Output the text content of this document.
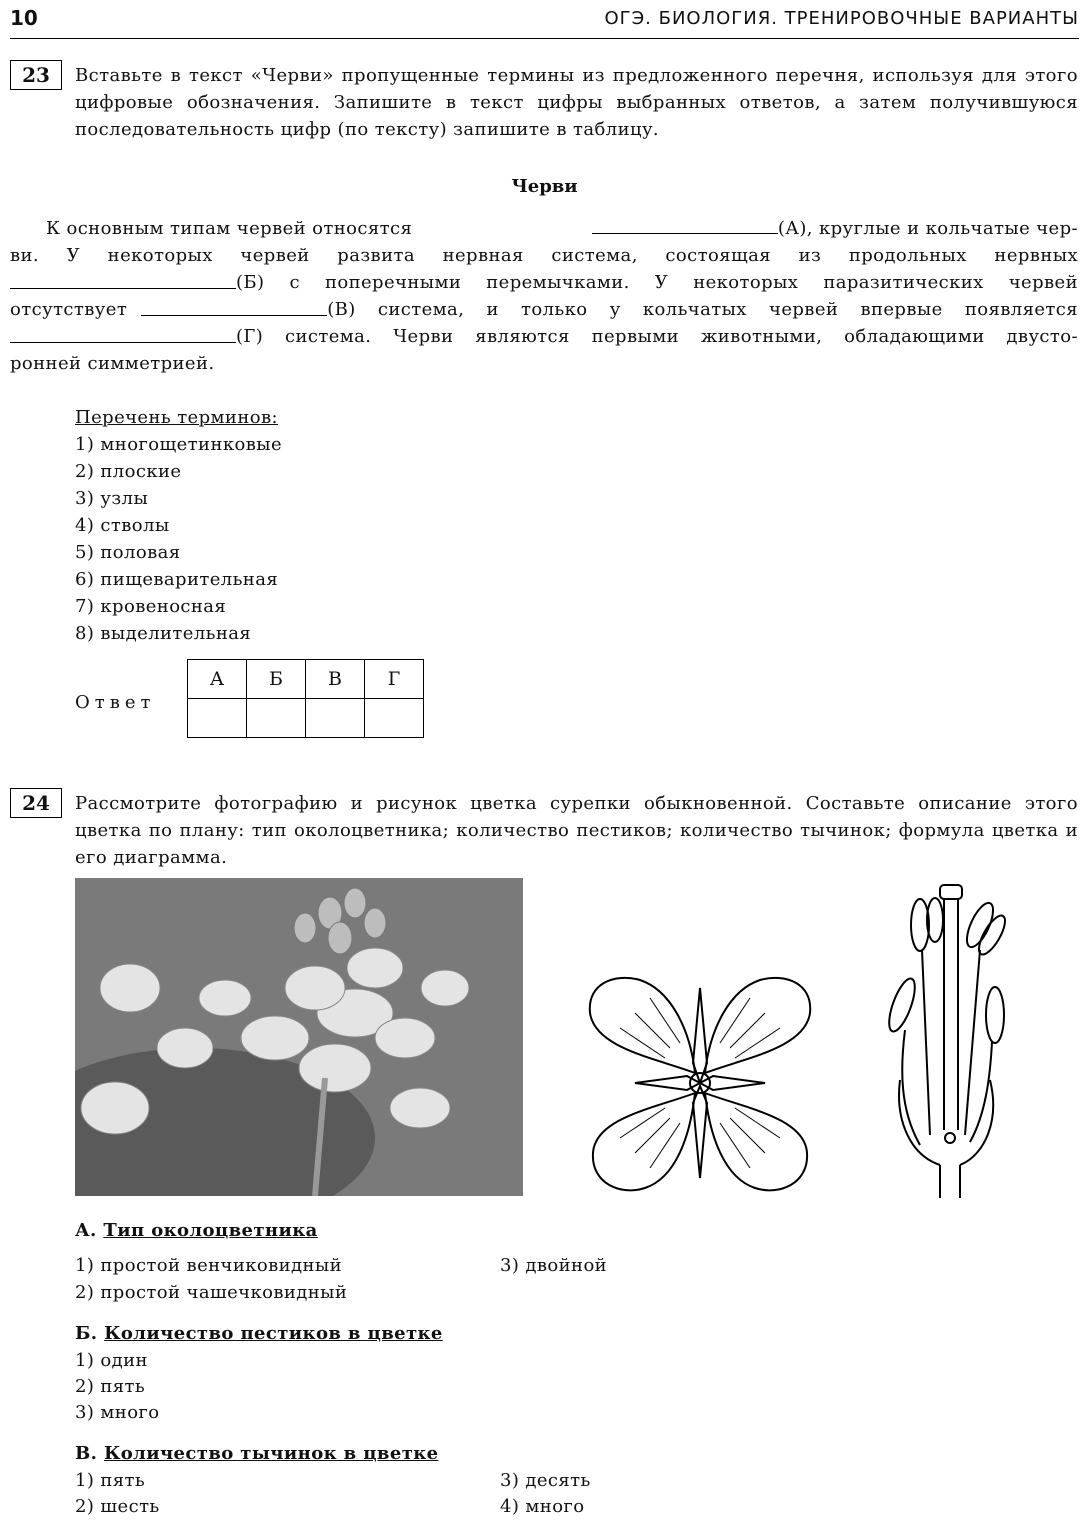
10	ОГЭ. БИОЛОГИЯ. ТРЕНИРОВОЧНЫЕ ВАРИАНТЫ
23	Вставьте в текст «Черви» пропущенные термины из предложенного перечня, используя для этого цифровые обозначения. Запишите в текст цифры выбранных ответов, а затем получившуюся последовательность цифр (по тексту) запишите в таблицу.
Черви
К основным типам червей относятся	(А), круглые и кольчатые чер-
ви. У некоторых червей развита нервная система, состоящая из продольных нервных
(Б) с поперечными перемычками. У некоторых паразитических червей
отсутствует	(В) система, и только у кольчатых червей впервые появляется
(Г) система. Черви являются первыми животными, обладающими двусто-
ронней симметрией.
Перечень терминов:
1) многощетинковые
2) плоские
3) узлы
4) стволы
5) половая
6) пищеварительная
7) кровеносная
8) выделительная
Ответ
А	Б	В	Г

24	Рассмотрите фотографию и рисунок цветка сурепки обыкновенной. Составьте описание этого цветка по плану: тип околоцветника; количество пестиков; количество тычинок; формула цветка и его диаграмма.
А. Тип околоцветника
1) простой венчиковидный
2) простой чашечковидный
3) двойной
Б. Количество пестиков в цветке
1) один
2) пять
3) много
В. Количество тычинок в цветке
1) пять
2) шесть
3) десять
4) много
